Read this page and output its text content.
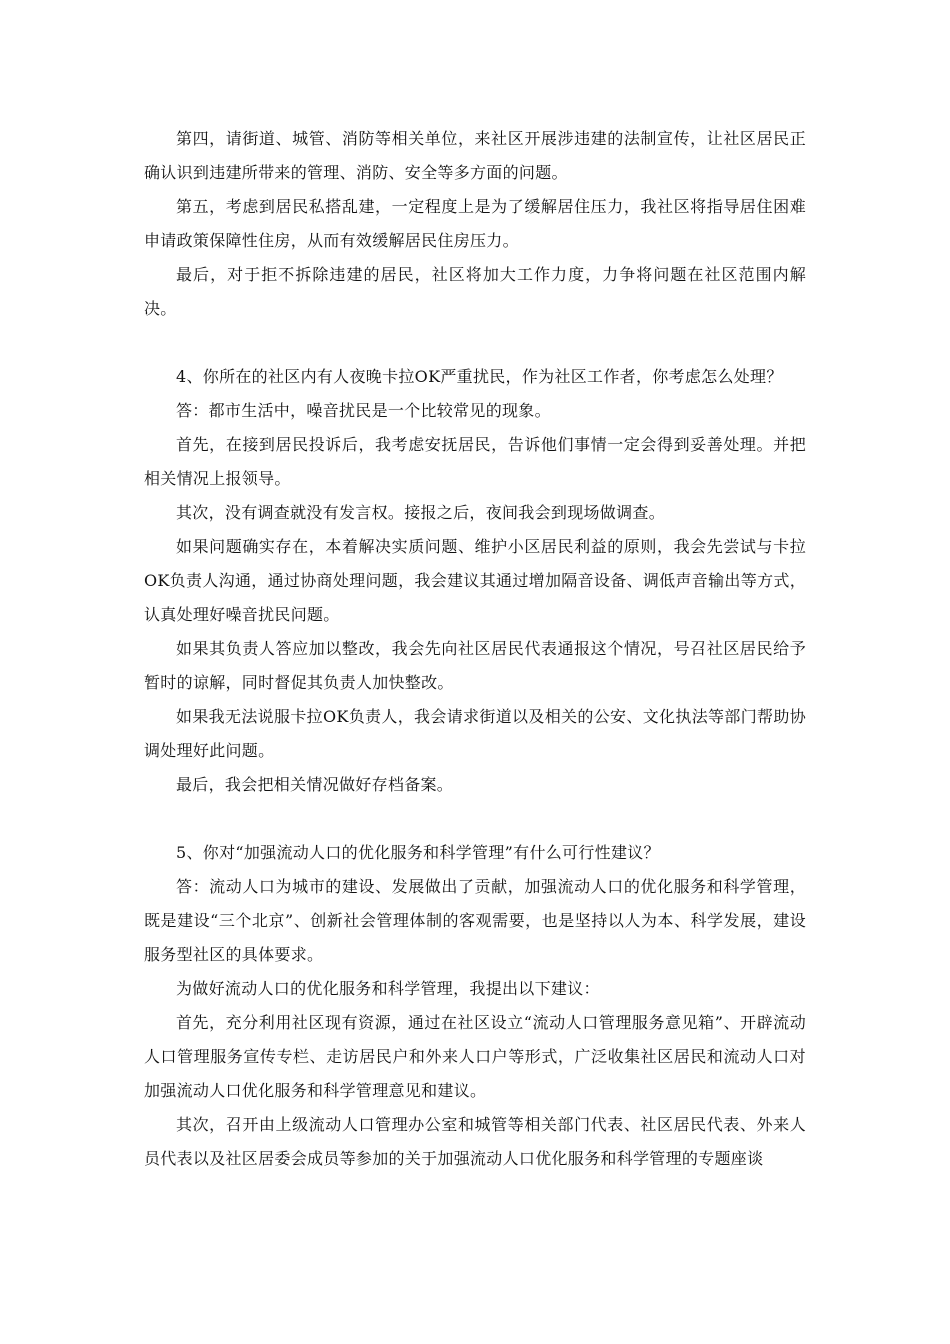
第四，请街道、城管、消防等相关单位，来社区开展涉违建的法制宣传，让社区居民正确认识到违建所带来的管理、消防、安全等多方面的问题。

第五，考虑到居民私搭乱建，一定程度上是为了缓解居住压力，我社区将指导居住困难申请政策保障性住房，从而有效缓解居民住房压力。

最后，对于拒不拆除违建的居民，社区将加大工作力度，力争将问题在社区范围内解决。

4、你所在的社区内有人夜晚卡拉OK严重扰民，作为社区工作者，你考虑怎么处理？

答：都市生活中，噪音扰民是一个比较常见的现象。

首先，在接到居民投诉后，我考虑安抚居民，告诉他们事情一定会得到妥善处理。并把相关情况上报领导。

其次，没有调查就没有发言权。接报之后，夜间我会到现场做调查。

如果问题确实存在，本着解决实质问题、维护小区居民利益的原则，我会先尝试与卡拉OK负责人沟通，通过协商处理问题，我会建议其通过增加隔音设备、调低声音输出等方式，认真处理好噪音扰民问题。

如果其负责人答应加以整改，我会先向社区居民代表通报这个情况，号召社区居民给予暂时的谅解，同时督促其负责人加快整改。

如果我无法说服卡拉OK负责人，我会请求街道以及相关的公安、文化执法等部门帮助协调处理好此问题。

最后，我会把相关情况做好存档备案。

5、你对“加强流动人口的优化服务和科学管理”有什么可行性建议？

答：流动人口为城市的建设、发展做出了贡献，加强流动人口的优化服务和科学管理，既是建设“三个北京”、创新社会管理体制的客观需要，也是坚持以人为本、科学发展，建设服务型社区的具体要求。

为做好流动人口的优化服务和科学管理，我提出以下建议：

首先，充分利用社区现有资源，通过在社区设立“流动人口管理服务意见箱”、开辟流动人口管理服务宣传专栏、走访居民户和外来人口户等形式，广泛收集社区居民和流动人口对加强流动人口优化服务和科学管理意见和建议。

其次，召开由上级流动人口管理办公室和城管等相关部门代表、社区居民代表、外来人员代表以及社区居委会成员等参加的关于加强流动人口优化服务和科学管理的专题座谈
